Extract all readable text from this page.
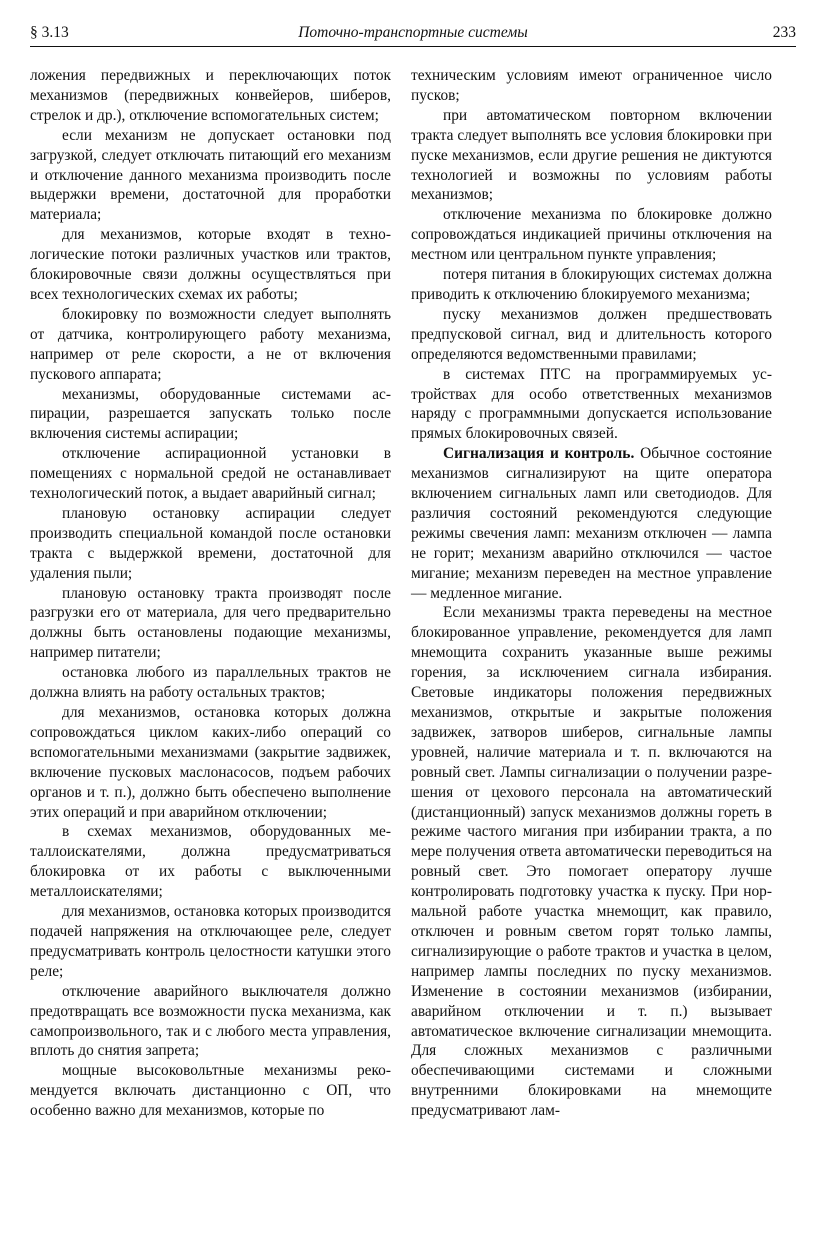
§ 3.13	Поточно-транспортные системы	233

ложения передвижных и переключающих поток механизмов (передвижных конвейеров, шиберов, стрелок и др.), отключение вспомогательных систем;

если механизм не допускает остановки под загрузкой, следует отключать питающий его механизм и отключение данного механизма производить после выдержки времени, достаточной для проработки материала;

для механизмов, которые входят в технологические потоки различных участков или трактов, блокировочные связи должны осуществляться при всех технологических схемах их работы;

блокировку по возможности следует выполнять от датчика, контролирующего работу механизма, например от реле скорости, а не от включения пускового аппарата;

механизмы, оборудованные системами аспирации, разрешается запускать только после включения системы аспирации;

отключение аспирационной установки в помещениях с нормальной средой не останавливает технологический поток, а выдает аварийный сигнал;

плановую остановку аспирации следует производить специальной командой после остановки тракта с выдержкой времени, достаточной для удаления пыли;

плановую остановку тракта производят после разгрузки его от материала, для чего предварительно должны быть остановлены подающие механизмы, например питатели;

остановка любого из параллельных трактов не должна влиять на работу остальных трактов;

для механизмов, остановка которых должна сопровождаться циклом каких-либо операций со вспомогательными механизмами (закрытие задвижек, включение пусковых маслонасосов, подъем рабочих органов и т. п.), должно быть обеспечено выполнение этих операций и при аварийном отключении;

в схемах механизмов, оборудованных металлоискателями, должна предусматриваться блокировка от их работы с выключенными металлоискателями;

для механизмов, остановка которых производится подачей напряжения на отключающее реле, следует предусматривать контроль целостности катушки этого реле;

отключение аварийного выключателя должно предотвращать все возможности пуска механизма, как самопроизвольного, так и с любого места управления, вплоть до снятия запрета;

мощные высоковольтные механизмы рекомендуется включать дистанционно с ОП, что особенно важно для механизмов, которые по

техническим условиям имеют ограниченное число пусков;

при автоматическом повторном включении тракта следует выполнять все условия блокировки при пуске механизмов, если другие решения не диктуются технологией и возможны по условиям работы механизмов;

отключение механизма по блокировке должно сопровождаться индикацией причины отключения на местном или центральном пункте управления;

потеря питания в блокирующих системах должна приводить к отключению блокируемого механизма;

пуску механизмов должен предшествовать предпусковой сигнал, вид и длительность которого определяются ведомственными правилами;

в системах ПТС на программируемых устройствах для особо ответственных механизмов наряду с программными допускается использование прямых блокировочных связей.

Сигнализация и контроль. Обычное состояние механизмов сигнализируют на щите оператора включением сигнальных ламп или светодиодов. Для различия состояний рекомендуются следующие режимы свечения ламп: механизм отключен — лампа не горит; механизм аварийно отключился — частое мигание; механизм переведен на местное управление — медленное мигание.

Если механизмы тракта переведены на местное блокированное управление, рекомендуется для ламп мнемощита сохранить указанные выше режимы горения, за исключением сигнала избирания. Световые индикаторы положения передвижных механизмов, открытые и закрытые положения задвижек, затворов шиберов, сигнальные лампы уровней, наличие материала и т. п. включаются на ровный свет. Лампы сигнализации о получении разрешения от цехового персонала на автоматический (дистанционный) запуск механизмов должны гореть в режиме частого мигания при избирании тракта, а по мере получения ответа автоматически переводиться на ровный свет. Это помогает оператору лучше контролировать подготовку участка к пуску. При нормальной работе участка мнемощит, как правило, отключен и ровным светом горят только лампы, сигнализирующие о работе трактов и участка в целом, например лампы последних по пуску механизмов. Изменение в состоянии механизмов (избирании, аварийном отключении и т. п.) вызывает автоматическое включение сигнализации мнемощита. Для сложных механизмов с различными обеспечивающими системами и сложными внутренними блокировками на мнемощите предусматривают лам-
